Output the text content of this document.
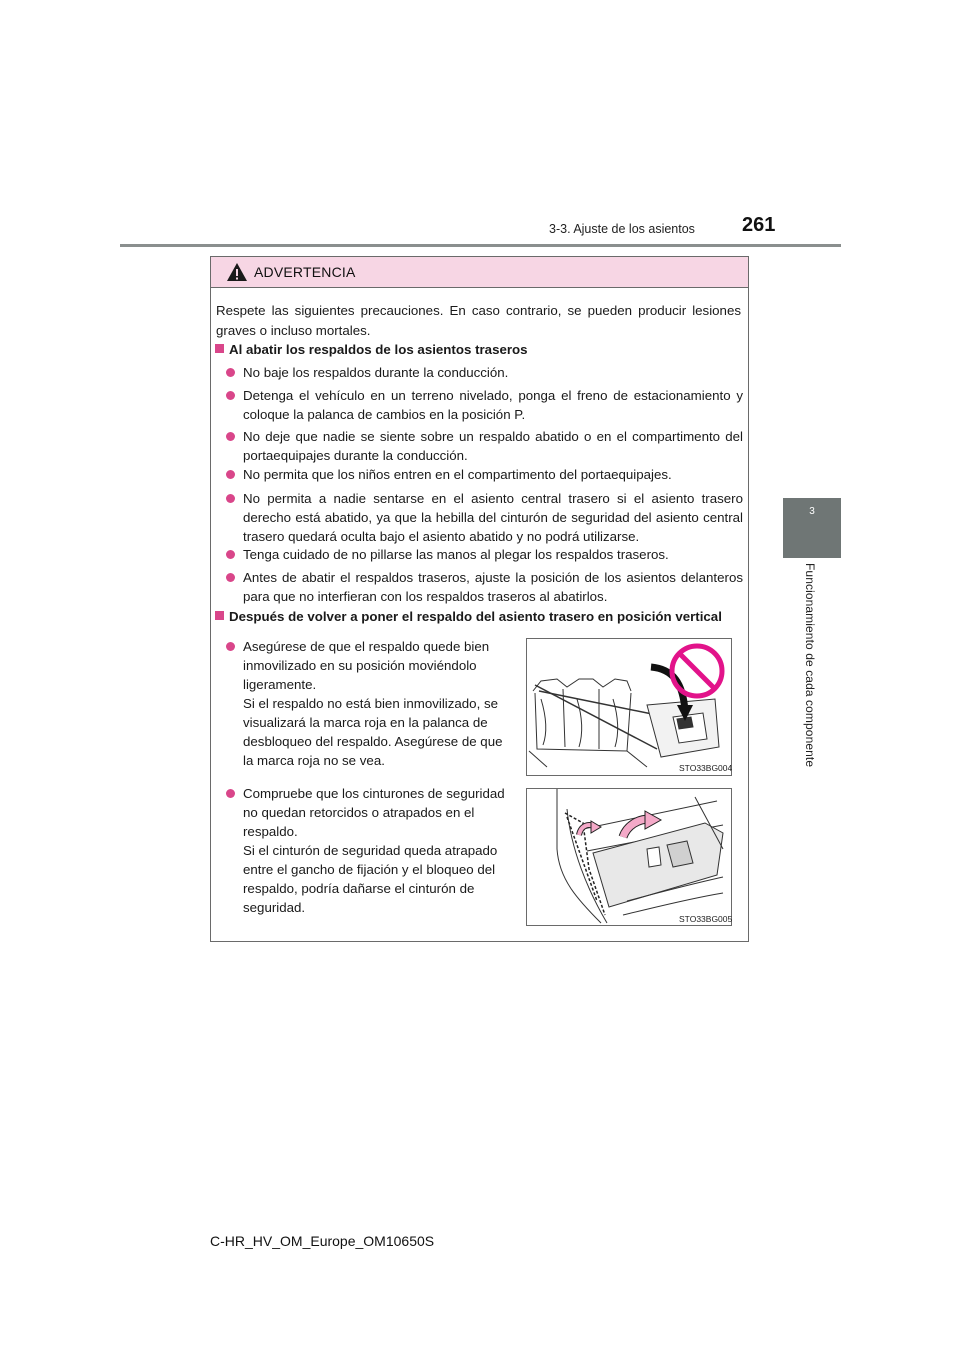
3-3. Ajuste de los asientos 261
3
Funcionamiento de cada componente
ADVERTENCIA
Respete las siguientes precauciones. En caso contrario, se pueden producir lesiones graves o incluso mortales.
Al abatir los respaldos de los asientos traseros
No baje los respaldos durante la conducción.
Detenga el vehículo en un terreno nivelado, ponga el freno de estacionamiento y coloque la palanca de cambios en la posición P.
No deje que nadie se siente sobre un respaldo abatido o en el compartimento del portaequipajes durante la conducción.
No permita que los niños entren en el compartimento del portaequipajes.
No permita a nadie sentarse en el asiento central trasero si el asiento trasero derecho está abatido, ya que la hebilla del cinturón de seguridad del asiento central trasero quedará oculta bajo el asiento abatido y no podrá utilizarse.
Tenga cuidado de no pillarse las manos al plegar los respaldos traseros.
Antes de abatir el respaldos traseros, ajuste la posición de los asientos delanteros para que no interfieran con los respaldos traseros al abatirlos.
Después de volver a poner el respaldo del asiento trasero en posición vertical
Asegúrese de que el respaldo quede bien
inmovilizado en su posición moviéndolo
ligeramente.
Si el respaldo no está bien inmovilizado, se
visualizará la marca roja en la palanca de
desbloqueo del respaldo. Asegúrese de que
la marca roja no se vea.
Compruebe que los cinturones de seguridad
no quedan retorcidos o atrapados en el
respaldo.
Si el cinturón de seguridad queda atrapado
entre el gancho de fijación y el bloqueo del
respaldo, podría dañarse el cinturón de
seguridad.
STO33BG004
STO33BG005
C-HR_HV_OM_Europe_OM10650S
